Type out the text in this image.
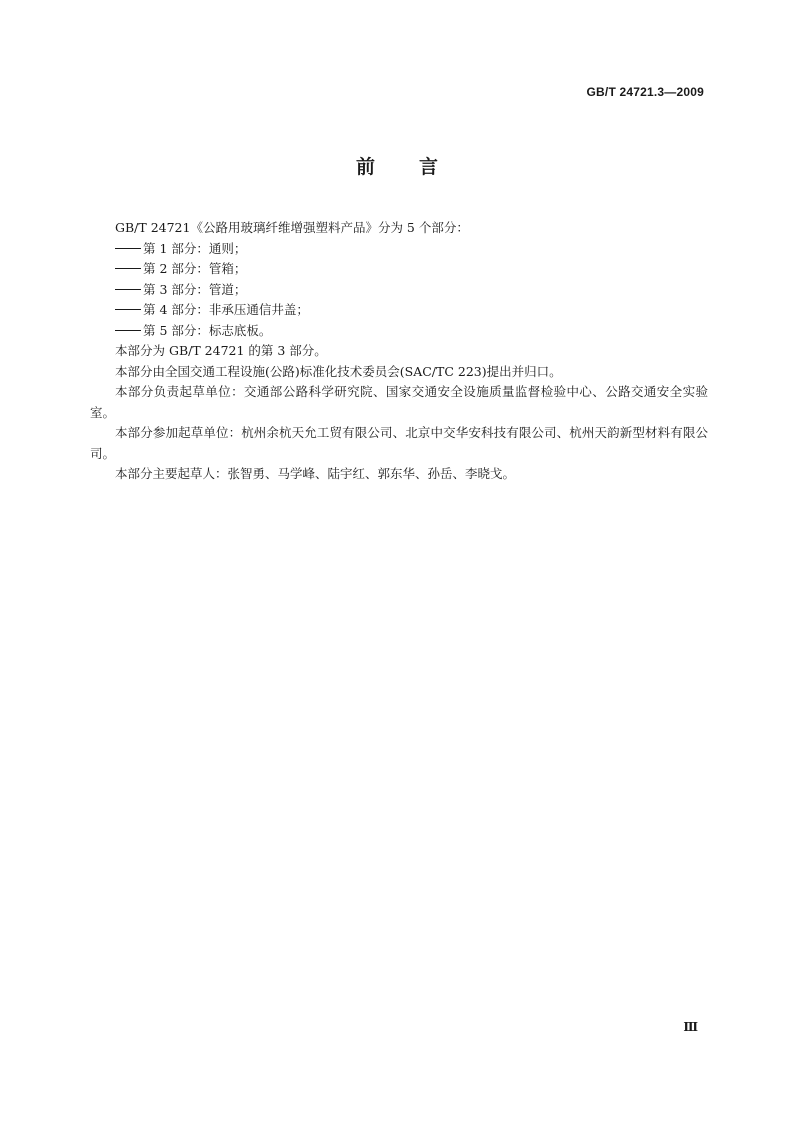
GB/T 24721.3—2009
前 言

GB/T 24721《公路用玻璃纤维增强塑料产品》分为 5 个部分：

第 1 部分：通则；

第 2 部分：管箱；

第 3 部分：管道；

第 4 部分：非承压通信井盖；

第 5 部分：标志底板。

本部分为 GB/T 24721 的第 3 部分。

本部分由全国交通工程设施(公路)标准化技术委员会(SAC/TC 223)提出并归口。

本部分负责起草单位：交通部公路科学研究院、国家交通安全设施质量监督检验中心、公路交通安全实验室。

本部分参加起草单位：杭州余杭天允工贸有限公司、北京中交华安科技有限公司、杭州天韵新型材料有限公司。

本部分主要起草人：张智勇、马学峰、陆宇红、郭东华、孙岳、李晓戈。

Ⅲ
